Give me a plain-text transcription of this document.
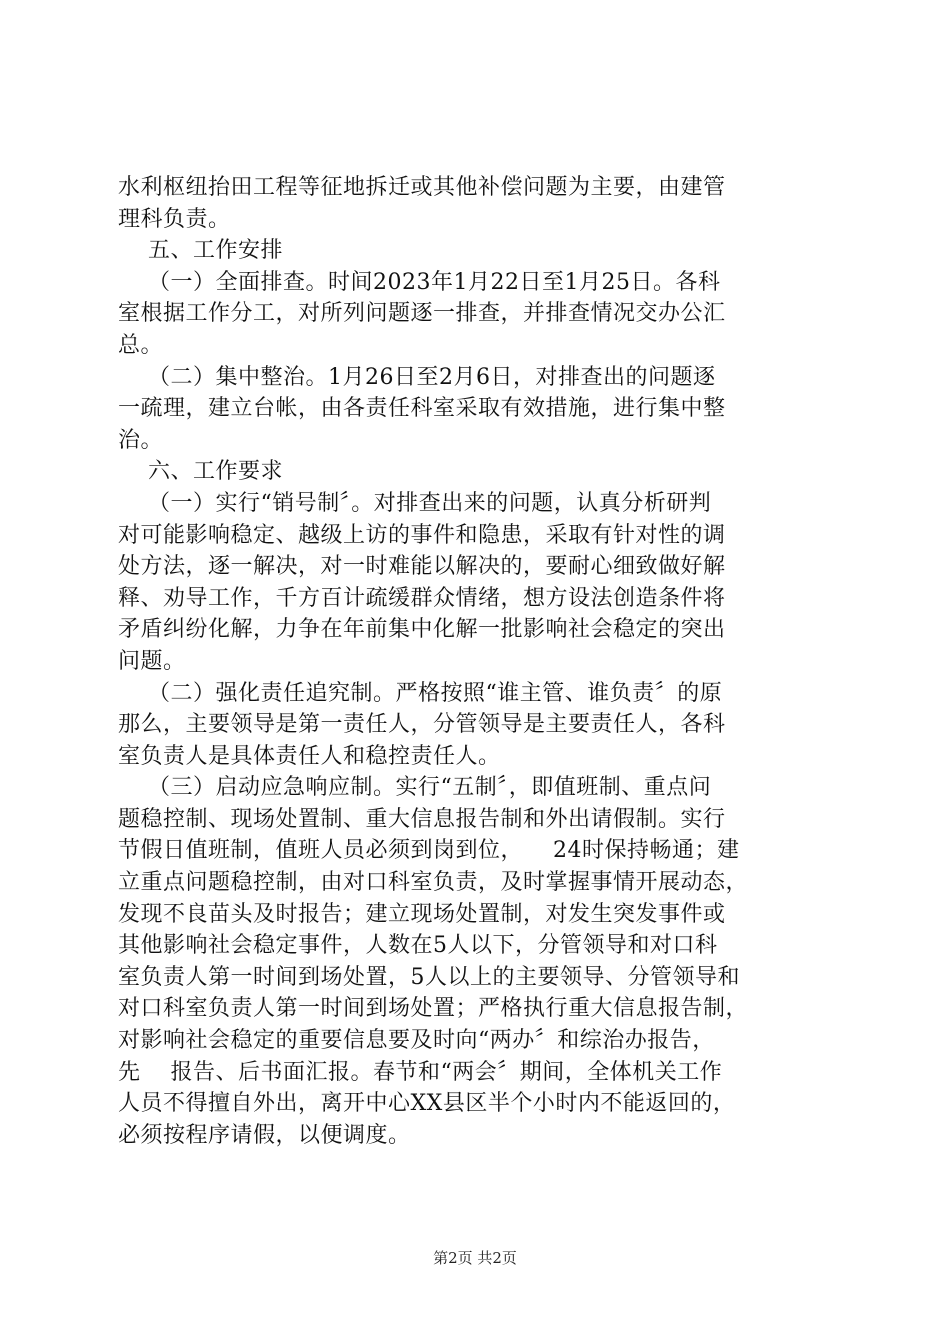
水利枢纽抬田工程等征地拆迁或其他补偿问题为主要，由建管
理科负责。
五、工作安排
（一）全面排查。时间2023年1月22日至1月25日。各科
室根据工作分工，对所列问题逐一排查，并排查情况交办公汇
总。
（二）集中整治。1月26日至2月6日，对排查出的问题逐
一疏理，建立台帐，由各责任科室采取有效措施，进行集中整
治。
六、工作要求
（一）实行“销号制〞。对排查出来的问题，认真分析研判
对可能影响稳定、越级上访的事件和隐患，采取有针对性的调
处方法，逐一解决，对一时难能以解决的，要耐心细致做好解
释、劝导工作，千方百计疏缓群众情绪，想方设法创造条件将
矛盾纠纷化解，力争在年前集中化解一批影响社会稳定的突出
问题。
（二）强化责任追究制。严格按照“谁主管、谁负责〞的原
那么，主要领导是第一责任人，分管领导是主要责任人，各科
室负责人是具体责任人和稳控责任人。
（三）启动应急响应制。实行“五制〞，即值班制、重点问
题稳控制、现场处置制、重大信息报告制和外出请假制。实行
节假日值班制，值班人员必须到岗到位，    24时保持畅通；建
立重点问题稳控制，由对口科室负责，及时掌握事情开展动态，
发现不良苗头及时报告；建立现场处置制，对发生突发事件或
其他影响社会稳定事件，人数在5人以下，分管领导和对口科
室负责人第一时间到场处置，5人以上的主要领导、分管领导和
对口科室负责人第一时间到场处置；严格执行重大信息报告制，
对影响社会稳定的重要信息要及时向“两办〞和综治办报告，
先    报告、后书面汇报。春节和“两会〞期间，全体机关工作
人员不得擅自外出，离开中心XX县区半个小时内不能返回的，
必须按程序请假，以便调度。
第2页 共2页
